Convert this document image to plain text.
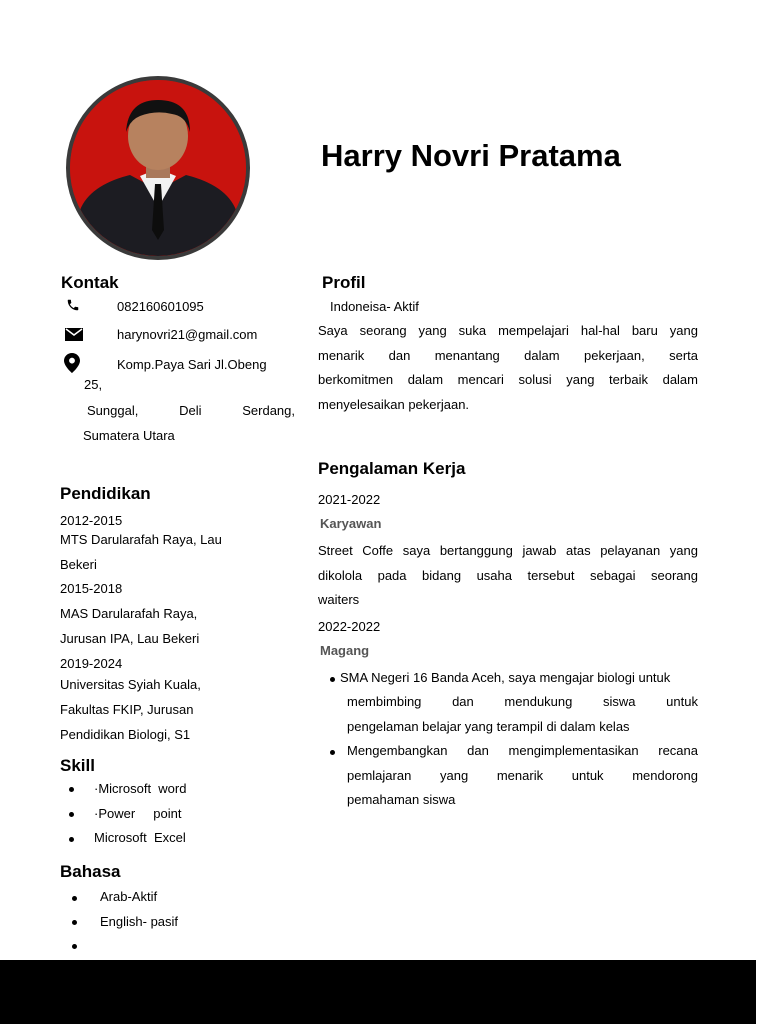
Harry Novri Pratama
Kontak
082160601095
harynovri21@gmail.com
Komp.Paya Sari Jl.Obeng
25,
Sunggal,	Deli	Serdang,
Sumatera Utara
Pendidikan
2012-2015
MTS Darularafah Raya, Lau
Bekeri
2015-2018
MAS Darularafah Raya,
Jurusan IPA, Lau Bekeri
2019-2024
Universitas Syiah Kuala,
Fakultas FKIP, Jurusan
Pendidikan Biologi, S1
Skill
·Microsoft  word
·Power     point
Microsoft  Excel
Bahasa
Arab-Aktif
English- pasif
Profil
Indoneisa- Aktif
Saya seorang yang suka mempelajari hal-hal baru yang
menarik dan menantang dalam pekerjaan, serta
berkomitmen dalam mencari solusi yang terbaik dalam
menyelesaikan pekerjaan.
Pengalaman Kerja
2021-2022
Karyawan
Street Coffe saya bertanggung jawab atas pelayanan yang
dikolola pada bidang usaha tersebut sebagai seorang
waiters
2022-2022
Magang
SMA Negeri 16 Banda Aceh, saya mengajar biologi untuk
membimbing dan mendukung siswa untuk
pengelaman belajar yang terampil di dalam kelas
Mengembangkan dan mengimplementasikan recana
pemlajaran yang menarik untuk mendorong
pemahaman siswa
